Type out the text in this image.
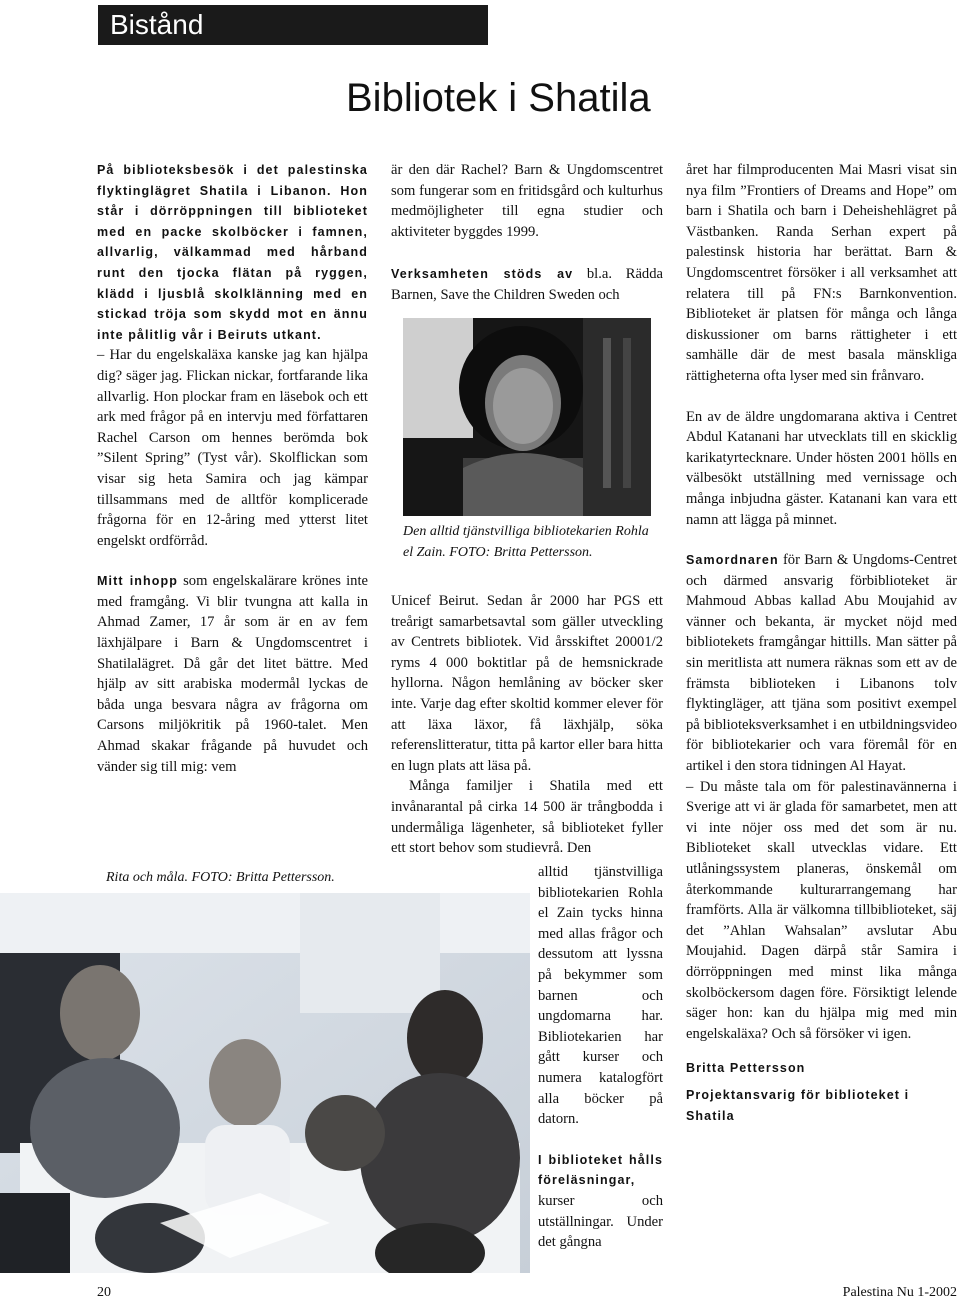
Bistånd
Bibliotek i Shatila

På biblioteksbesök i det palestinska flyktinglägret Shatila i Libanon. Hon står i dörröppningen till biblioteket med en packe skolböcker i famnen, allvarlig, välkammad med hårband runt den tjocka flätan på ryggen, klädd i ljusblå skolklänning med en stickad tröja som skydd mot en ännu inte pålitlig vår i Beiruts utkant.

– Har du engelskaläxa kanske jag kan hjälpa dig? säger jag. Flickan nickar, fortfarande lika allvarlig. Hon plockar fram en läsebok och ett ark med frågor på en intervju med författaren Rachel Carson om hennes berömda bok ”Silent Spring” (Tyst vår). Skolflickan som visar sig heta Samira och jag kämpar tillsammans med de alltför komplicerade frågorna för en 12-åring med ytterst litet engelskt ordförråd.

Mitt inhopp som engelskalärare krönes inte med framgång. Vi blir tvungna att kalla in Ahmad Zamer, 17 år som är en av fem läxhjälpare i Barn & Ungdomscentret i Shatilalägret. Då går det litet bättre. Med hjälp av sitt arabiska modermål lyckas de båda unga besvara några av frågorna om Carsons miljökritik på 1960-talet. Men Ahmad skakar frågande på huvudet och vänder sig till mig: vem

Rita och måla. FOTO: Britta Pettersson.

är den där Rachel? Barn & Ungdomscentret som fungerar som en fritidsgård och kulturhus medmöjligheter till egna studier och aktiviteter byggdes 1999.

Verksamheten stöds av bl.a. Rädda Barnen, Save the Children Sweden och

Den alltid tjänstvilliga bibliotekarien Rohla el Zain. FOTO: Britta Pettersson.

Unicef Beirut. Sedan år 2000 har PGS ett treårigt samarbetsavtal som gäller utveckling av Centrets bibliotek. Vid årsskiftet 20001/2 ryms 4 000 boktitlar på de hemsnickrade hyllorna. Någon hemlåning av böcker sker inte. Varje dag efter skoltid kommer elever för att läxa läxor, få läxhjälp, söka referenslitteratur, titta på kartor eller bara hitta en lugn plats att läsa på.

Många familjer i Shatila med ett invånarantal på cirka 14 500 är trångbodda i undermåliga lägenheter, så biblioteket fyller ett stort behov som studievrå. Den

alltid tjänstvilliga bibliotekarien Rohla el Zain tycks hinna med allas frågor och dessutom att lyssna på bekymmer som barnen och ungdomarna har. Bibliotekarien har gått kurser och numera katalogfört alla böcker på datorn.

I biblioteket hålls föreläsningar, kurser och utställningar. Under det gångna

året har filmproducenten Mai Masri visat sin nya film ”Frontiers of Dreams and Hope” om barn i Shatila och barn i Deheishehlägret på Västbanken. Randa Serhan expert på palestinsk historia har berättat. Barn & Ungdomscentret försöker i all verksamhet att relatera till på FN:s Barnkonvention. Biblioteket är platsen för många och långa diskussioner om barns rättigheter i ett samhälle där de mest basala mänskliga rättigheterna ofta lyser med sin frånvaro.

En av de äldre ungdomarana aktiva i Centret Abdul Katanani har utvecklats till en skicklig karikatyrtecknare. Under hösten 2001 hölls en välbesökt utställning med vernissage och många inbjudna gäster. Katanani kan vara ett namn att lägga på minnet.

Samordnaren för Barn & Ungdoms-Centret och därmed ansvarig förbiblioteket är Mahmoud Abbas kallad Abu Moujahid av vänner och bekanta, är mycket nöjd med bibliotekets framgångar hittills. Man sätter på sin meritlista att numera räknas som ett av de främsta biblioteken i Libanons tolv flyktingläger, att tjäna som positivt exempel på biblioteksverksamhet i en utbildningsvideo för bibliotekarier och vara föremål för en artikel i den stora tidningen Al Hayat.

– Du måste tala om för palestinavännerna i Sverige att vi är glada för samarbetet, men att vi inte nöjer oss med det som är nu. Biblioteket skall utvecklas vidare. Ett utlåningssystem planeras, önskemål om återkommande kulturarrangemang har framförts. Alla är välkomna tillbiblioteket, säj det ”Ahlan Wahsalan” avslutar Abu Moujahid. Dagen därpå står Samira i dörröppningen med minst lika många skolböckersom dagen före. Försiktigt lelende säger hon: kan du hjälpa mig med min engelskaläxa? Och så försöker vi igen.

Britta Pettersson

Projektansvarig för biblioteket i Shatila

20	Palestina Nu 1-2002
